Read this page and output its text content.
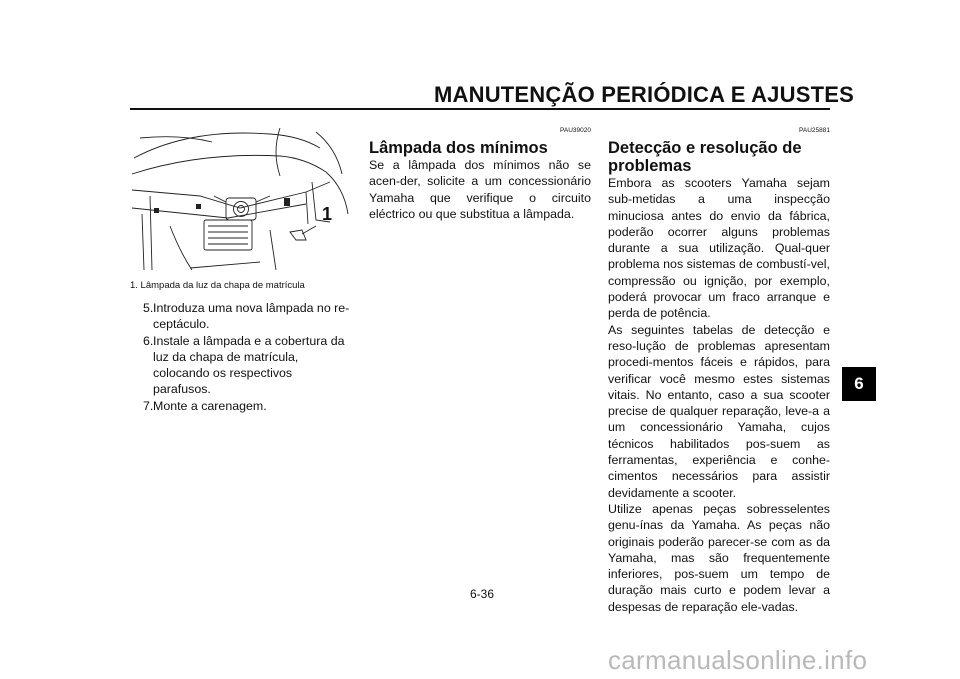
MANUTENÇÃO PERIÓDICA E AJUSTES
1
1. Lâmpada da luz da chapa de matrícula
5. Introduza uma nova lâmpada no re-ceptáculo.
6. Instale a lâmpada e a cobertura da luz da chapa de matrícula, colocando os respectivos parafusos.
7. Monte a carenagem.
PAU39020
Lâmpada dos mínimos

Se a lâmpada dos mínimos não se acen-der, solicite a um concessionário Yamaha que verifique o circuito eléctrico ou que substitua a lâmpada.

PAU25881
Detecção e resolução de problemas

Embora as scooters Yamaha sejam sub-metidas a uma inspecção minuciosa antes do envio da fábrica, poderão ocorrer alguns problemas durante a sua utilização. Qual-quer problema nos sistemas de combustí-vel, compressão ou ignição, por exemplo, poderá provocar um fraco arranque e perda de potência.

As seguintes tabelas de detecção e reso-lução de problemas apresentam procedi-mentos fáceis e rápidos, para verificar você mesmo estes sistemas vitais. No entanto, caso a sua scooter precise de qualquer reparação, leve-a a um concessionário Yamaha, cujos técnicos habilitados pos-suem as ferramentas, experiência e conhe-cimentos necessários para assistir devidamente a scooter.

Utilize apenas peças sobresselentes genu-ínas da Yamaha. As peças não originais poderão parecer-se com as da Yamaha, mas são frequentemente inferiores, pos-suem um tempo de duração mais curto e podem levar a despesas de reparação ele-vadas.

6
6-36
carmanualsonline.info
